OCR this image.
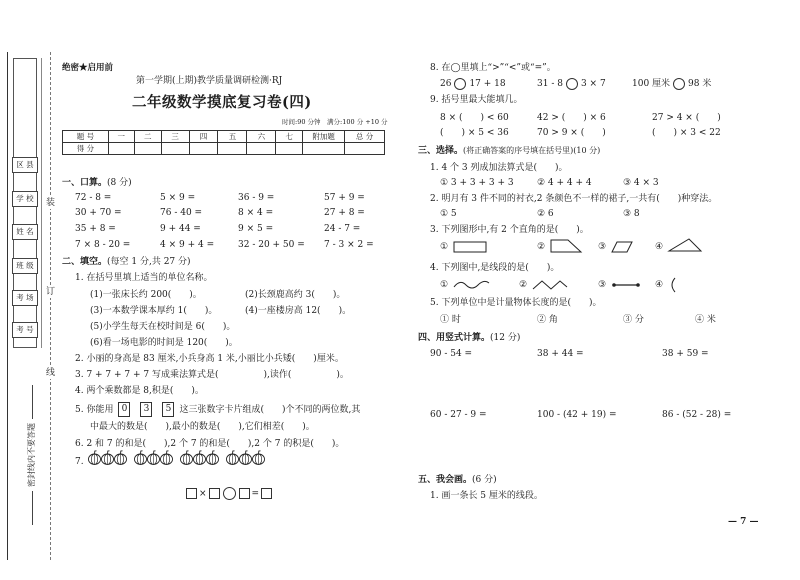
区 县
学 校
姓 名
班 级
考 场
考 号
装
订
线
密封线内不要答题
绝密★启用前
第一学期(上期)教学质量调研检测·RJ
二年级数学摸底复习卷(四)
时间:90 分钟　满分:100 分 +10 分
题 号	一	二	三	四	五	六	七	附加题	总 分
得 分									
一、口算。(8 分)
72 - 8 =	5 × 9 =	36 - 9 =	57 + 9 =
30 + 70 =	76 - 40 =	8 × 4 =	27 + 8 =
35 + 8 =	9 + 44 =	9 × 5 =	24 - 7 =
7 × 8 - 20 =	4 × 9 + 4 =	32 - 20 + 50 = 7 - 3 × 2 =
二、填空。(每空 1 分,共 27 分)
1. 在括号里填上适当的单位名称。
(1)一张床长约 200(　　)。	(2)长颈鹿高约 3(　　)。
(3)一本数学课本厚约 1(　　)。	(4)一座楼房高 12(　　)。
(5)小学生每天在校时间是 6(　　)。
(6)看一场电影的时间是 120(　　)。
2. 小丽的身高是 83 厘米,小兵身高 1 米,小丽比小兵矮(　　)厘米。
3. 7 + 7 + 7 + 7 写成乘法算式是(　　　　　),读作(　　　　　)。
4. 两个乘数都是 8,积是(　　)。
5. 你能用 0	3	5 这三张数字卡片组成(　　)个不同的两位数,其
中最大的数是(　　),最小的数是(　　),它们相差(　　)。
6. 2 和 7 的和是(　　),2 个 7 的和是(　　),2 个 7 的积是(　　)。
7.
×	=
8. 在◯里填上“>”“<”或“=”。
26 17 + 18	31 - 8 3 × 7	100 厘米 98 米
9. 括号里最大能填几。
8 × (　　) < 60	42 > (　　) × 6	27 > 4 × (　　)
(　　) × 5 < 36	70 > 9 × (　　)	(　　) × 3 < 22
三、选择。(将正确答案的序号填在括号里)(10 分)
1. 4 个 3 列成加法算式是(　　)。
① 3 + 3 + 3 + 3	② 4 + 4 + 4	③ 4 × 3
2. 明月有 3 件不同的衬衣,2 条颜色不一样的裙子,一共有(　　)种穿法。
① 5	② 6	③ 8
3. 下列图形中,有 2 个直角的是(　　)。
①	②	③	④
4. 下列图中,是线段的是(　　)。
①	②	③	④
5. 下列单位中是计量物体长度的是(　　)。
① 时	② 角	③ 分	④ 米
四、用竖式计算。(12 分)
90 - 54 =	38 + 44 =	38 + 59 =
60 - 27 - 9 =	100 - (42 + 19) =	86 - (52 - 28) =
五、我会画。(6 分)
1. 画一条长 5 厘米的线段。
— 7 —
